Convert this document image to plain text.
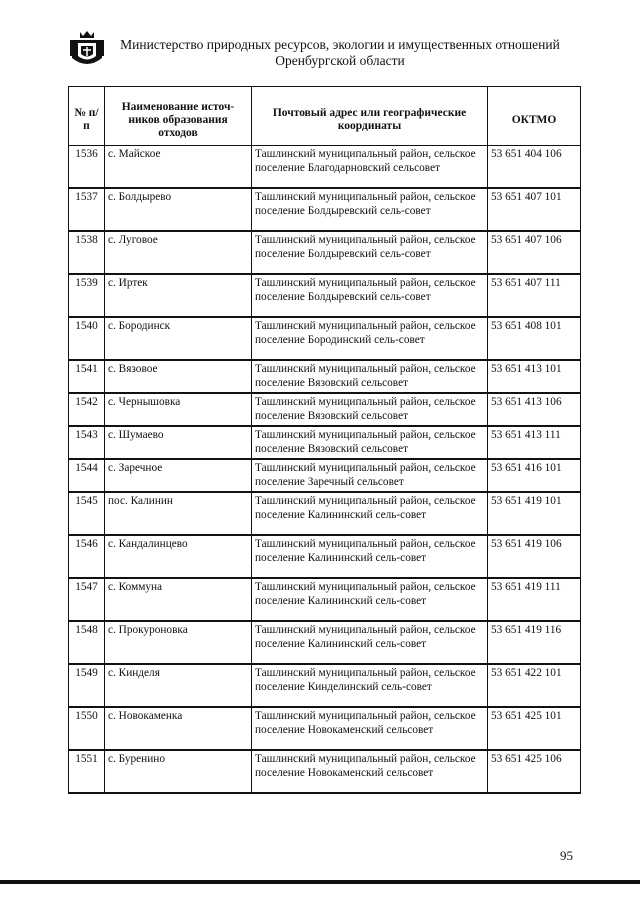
Министерство природных ресурсов, экологии и имущественных отношений
Оренбургской области
№ п/п	Наименование источ-ников образования отходов	Почтовый адрес или географические координаты	ОКТМО
1536	с. Майское	Ташлинский муниципальный район, сельское поселение Благодарновский сельсовет	53 651 404 106
1537	с. Болдырево	Ташлинский муниципальный район, сельское поселение Болдыревский сель-совет	53 651 407 101
1538	с. Луговое	Ташлинский муниципальный район, сельское поселение Болдыревский сель-совет	53 651 407 106
1539	с. Иртек	Ташлинский муниципальный район, сельское поселение Болдыревский сель-совет	53 651 407 111
1540	с. Бородинск	Ташлинский муниципальный район, сельское поселение Бородинский сель-совет	53 651 408 101
1541	с. Вязовое	Ташлинский муниципальный район, сельское поселение Вязовский сельсовет	53 651 413 101
1542	с. Чернышовка	Ташлинский муниципальный район, сельское поселение Вязовский сельсовет	53 651 413 106
1543	с. Шумаево	Ташлинский муниципальный район, сельское поселение Вязовский сельсовет	53 651 413 111
1544	с. Заречное	Ташлинский муниципальный район, сельское поселение Заречный сельсовет	53 651 416 101
1545	пос. Калинин	Ташлинский муниципальный район, сельское поселение Калининский сель-совет	53 651 419 101
1546	с. Кандалинцево	Ташлинский муниципальный район, сельское поселение Калининский сель-совет	53 651 419 106
1547	с. Коммуна	Ташлинский муниципальный район, сельское поселение Калининский сель-совет	53 651 419 111
1548	с. Прокуроновка	Ташлинский муниципальный район, сельское поселение Калининский сель-совет	53 651 419 116
1549	с. Кинделя	Ташлинский муниципальный район, сельское поселение Кинделинский сель-совет	53 651 422 101
1550	с. Новокаменка	Ташлинский муниципальный район, сельское поселение Новокаменский сельсовет	53 651 425 101
1551	с. Буренино	Ташлинский муниципальный район, сельское поселение Новокаменский сельсовет	53 651 425 106
95
